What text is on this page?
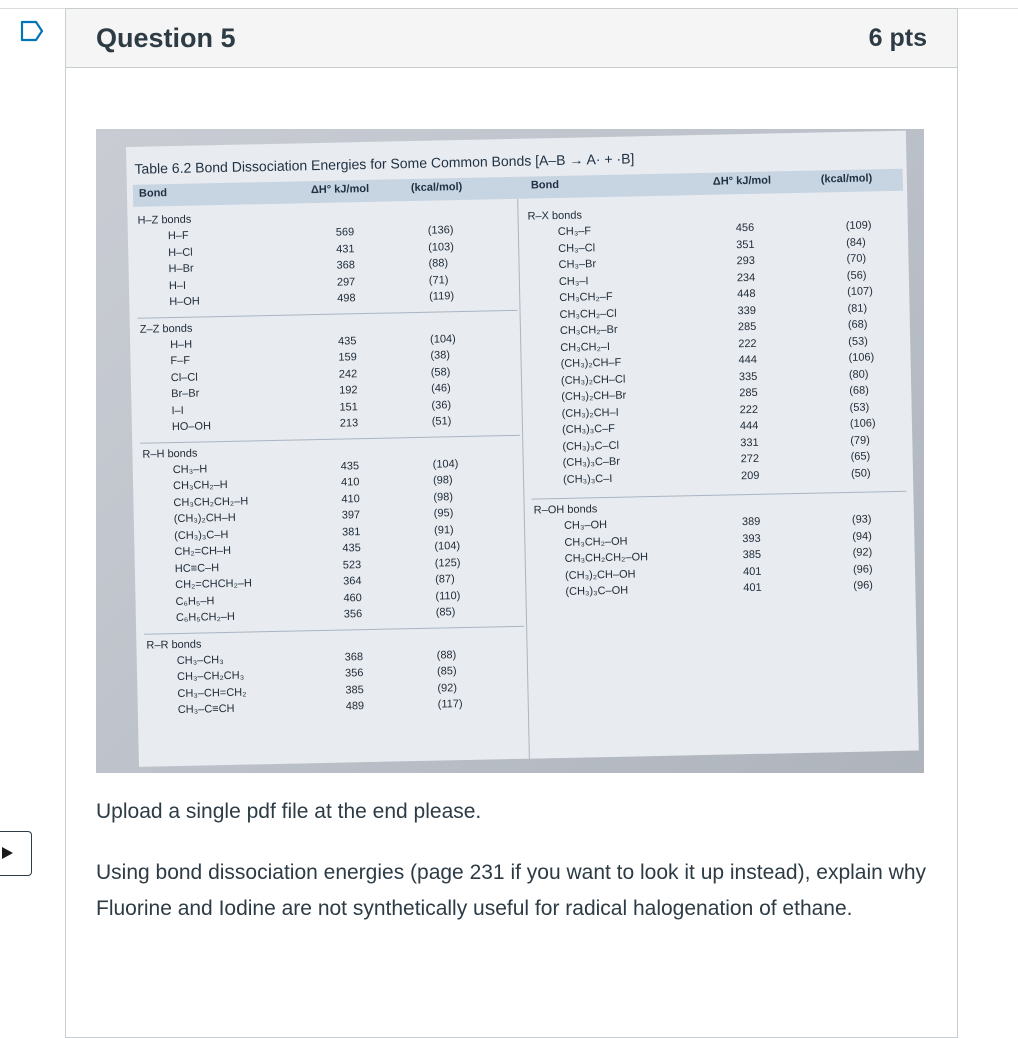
Question 5	6 pts
Table 6.2 Bond Dissociation Energies for Some Common Bonds [A–B → A· + ·B]
Bond	ΔH° kJ/mol	(kcal/mol)	Bond	ΔH° kJ/mol	(kcal/mol)
H–Z bonds
H–F	569	(136)
H–Cl	431	(103)
H–Br	368	(88)
H–I	297	(71)
H–OH	498	(119)
Z–Z bonds
H–H	435	(104)
F–F	159	(38)
Cl–Cl	242	(58)
Br–Br	192	(46)
I–I	151	(36)
HO–OH	213	(51)
R–H bonds
CH₃–H	435	(104)
CH₃CH₂–H	410	(98)
CH₃CH₂CH₂–H	410	(98)
(CH₃)₂CH–H	397	(95)
(CH₃)₃C–H	381	(91)
CH₂=CH–H	435	(104)
HC≡C–H	523	(125)
CH₂=CHCH₂–H	364	(87)
C₆H₅–H	460	(110)
C₆H₅CH₂–H	356	(85)
R–R bonds
CH₃–CH₃	368	(88)
CH₃–CH₂CH₃	356	(85)
CH₃–CH=CH₂	385	(92)
CH₃–C≡CH	489	(117)
R–X bonds
CH₃–F	456	(109)
CH₃–Cl	351	(84)
CH₃–Br	293	(70)
CH₃–I	234	(56)
CH₃CH₂–F	448	(107)
CH₃CH₂–Cl	339	(81)
CH₃CH₂–Br	285	(68)
CH₃CH₂–I	222	(53)
(CH₃)₂CH–F	444	(106)
(CH₃)₂CH–Cl	335	(80)
(CH₃)₂CH–Br	285	(68)
(CH₃)₂CH–I	222	(53)
(CH₃)₃C–F	444	(106)
(CH₃)₃C–Cl	331	(79)
(CH₃)₃C–Br	272	(65)
(CH₃)₃C–I	209	(50)
R–OH bonds
CH₃–OH	389	(93)
CH₃CH₂–OH	393	(94)
CH₃CH₂CH₂–OH	385	(92)
(CH₃)₂CH–OH	401	(96)
(CH₃)₃C–OH	401	(96)
Upload a single pdf file at the end please.
Using bond dissociation energies (page 231 if you want to look it up instead), explain why Fluorine and Iodine are not synthetically useful for radical halogenation of ethane.
